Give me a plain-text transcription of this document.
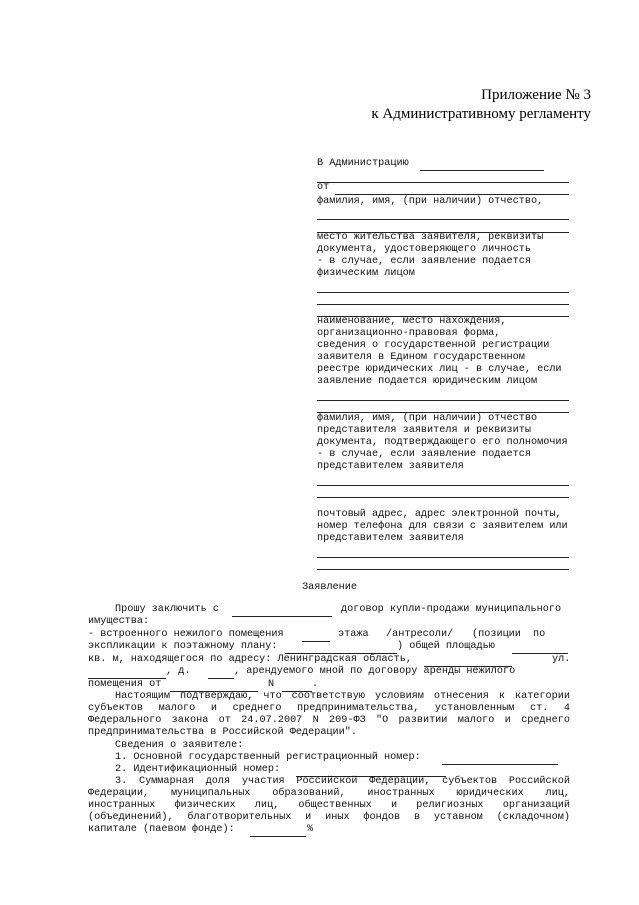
Приложение № 3
к Административному регламенту
В Администрацию
от
фамилия, имя, (при наличии) отчество,
место жительства заявителя, реквизиты
документа, удостоверяющего личность
- в случае, если заявление подается
физическим лицом
наименование, место нахождения,
организационно-правовая форма,
сведения о государственной регистрации
заявителя в Едином государственном
реестре юридических лиц - в случае, если
заявление подается юридическим лицом
фамилия, имя, (при наличии) отчество
представителя заявителя и реквизиты
документа, подтверждающего его полномочия
- в случае, если заявление подается
представителем заявителя
почтовый адрес, адрес электронной почты,
номер телефона для связи с заявителем или
представителем заявителя
Заявление
Прошу заключить с	договор купли-продажи муниципального
имущества:
- встроенного нежилого помещения	этажа /антресоли/ (позиции по
экспликации к поэтажному плану:	) общей площадью
кв. м, находящегося по адресу: Ленинградская область,	ул.
, д.	, арендуемого мной по договору аренды нежилого
помещения от	N	.
Настоящим подтверждаю, что соответствую условиям отнесения к категории
субъектов малого и среднего предпринимательства, установленным ст. 4
Федерального закона от 24.07.2007 N 209-ФЗ "О развитии малого и среднего
предпринимательства в Российской Федерации".
Сведения о заявителе:
1. Основной государственный регистрационный номер:
2. Идентификационный номер:
3. Суммарная доля участия Российской Федерации, субъектов Российской
Федерации, муниципальных образований, иностранных юридических лиц,
иностранных физических лиц, общественных и религиозных организаций
(объединений), благотворительных и иных фондов в уставном (складочном)
капитале (паевом фонде):	%
